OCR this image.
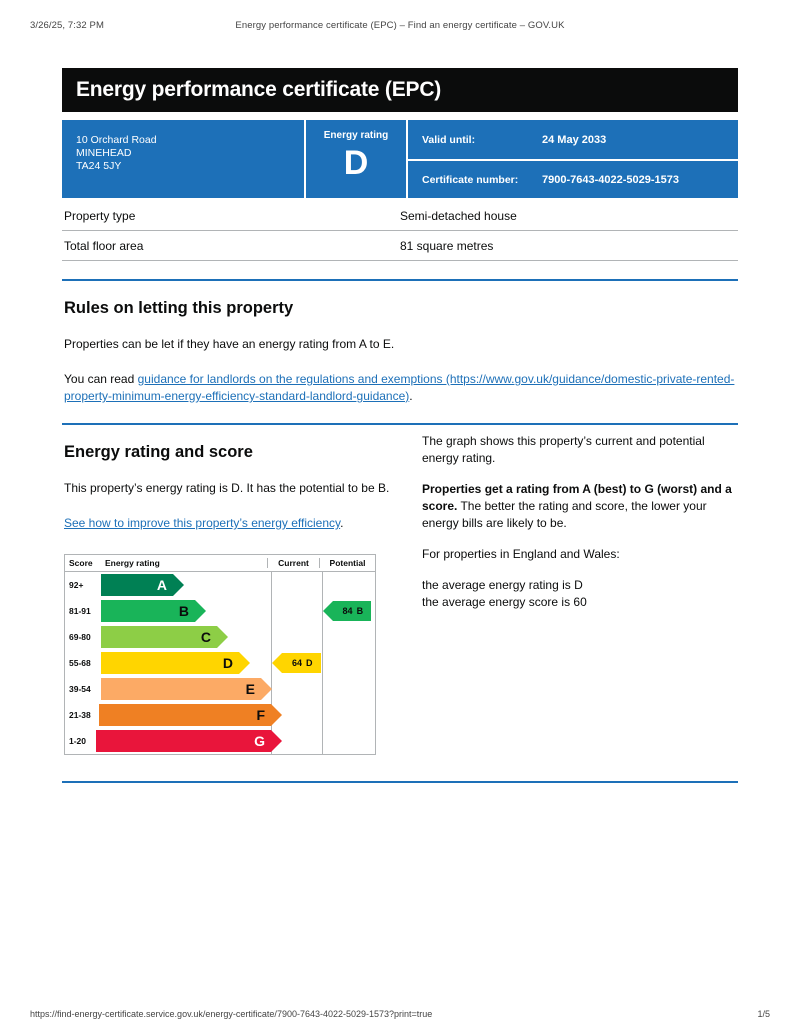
3/26/25, 7:32 PM	Energy performance certificate (EPC) – Find an energy certificate – GOV.UK
Energy performance certificate (EPC)
10 Orchard Road
MINEHEAD
TA24 5JY
Energy rating
D
Valid until:	24 May 2033
Certificate number:	7900-7643-4022-5029-1573
Property type	Semi-detached house
Total floor area	81 square metres
Rules on letting this property

Properties can be let if they have an energy rating from A to E.

You can read guidance for landlords on the regulations and exemptions (https://www.gov.uk/guidance/domestic-private-rented-property-minimum-energy-efficiency-standard-landlord-guidance).

Energy rating and score

This property’s energy rating is D. It has the potential to be B.

See how to improve this property’s energy efficiency.

Score	Energy rating	Current	Potential
92+	A
81-91	B
69-80	C
55-68	D
39-54	E
21-38	F
1-20	G
64 D
84 B

The graph shows this property’s current and potential energy rating.

Properties get a rating from A (best) to G (worst) and a score. The better the rating and score, the lower your energy bills are likely to be.

For properties in England and Wales:

the average energy rating is D

the average energy score is 60

https://find-energy-certificate.service.gov.uk/energy-certificate/7900-7643-4022-5029-1573?print=true	1/5
